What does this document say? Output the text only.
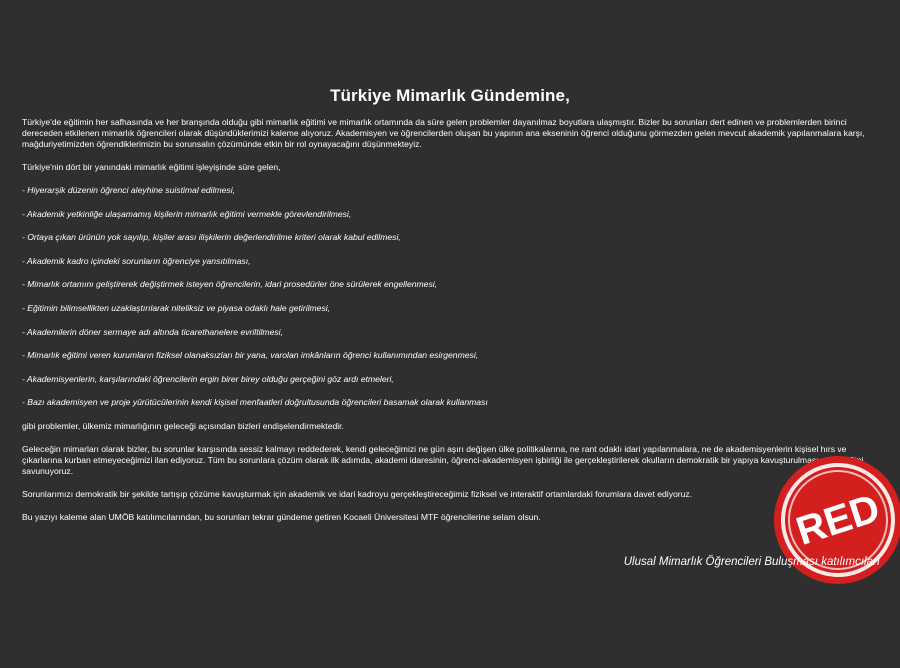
Türkiye Mimarlık Gündemine,

Türkiye'de eğitimin her safhasında ve her branşında olduğu gibi mimarlık eğitimi ve mimarlık ortamında da süre gelen problemler dayanılmaz boyutlara ulaşmıştır. Bizler bu sorunları dert edinen ve problemlerden birinci dereceden etkilenen mimarlık öğrencileri olarak düşündüklerimizi kaleme alıyoruz. Akademisyen ve öğrencilerden oluşan bu yapının ana ekseninin öğrenci olduğunu görmezden gelen mevcut akademik yapılanmalara karşı, mağduriyetimizden öğrendiklerimizin bu sorunsalın çözümünde etkin bir rol oynayacağını düşünmekteyiz.

Türkiye'nin dört bir yanındaki mimarlık eğitimi işleyişinde süre gelen,

- Hiyerarşik düzenin öğrenci aleyhine suistimal edilmesi,

- Akademik yetkinliğe ulaşamamış kişilerin mimarlık eğitimi vermekle görevlendirilmesi,

- Ortaya çıkan ürünün yok sayılıp, kişiler arası ilişkilerin değerlendirilme kriteri olarak kabul edilmesi,

- Akademik kadro içindeki sorunların öğrenciye yansıtılması,

- Mimarlık ortamını geliştirerek değiştirmek isteyen öğrencilerin, idari prosedürler öne sürülerek engellenmesi,

- Eğitimin bilimsellikten uzaklaştırılarak niteliksiz ve piyasa odaklı hale getirilmesi,

- Akademilerin döner sermaye adı altında ticarethanelere evriltilmesi,

- Mimarlık eğitimi veren kurumların fiziksel olanaksızları bir yana, varolan imkânların öğrenci kullanımından esirgenmesi,

- Akademisyenlerin, karşılarındaki öğrencilerin ergin birer birey olduğu gerçeğini göz ardı etmeleri,

- Bazı akademisyen ve proje yürütücülerinin kendi kişisel menfaatleri doğrultusunda öğrencileri basamak olarak kullanması

gibi problemler, ülkemiz mimarlığının geleceği açısından bizleri endişelendirmektedir.

Geleceğin mimarları olarak bizler, bu sorunlar karşısında sessiz kalmayı reddederek, kendi geleceğimizi ne gün aşırı değişen ülke politikalarına, ne rant odaklı idari yapılanmalara, ne de akademisyenlerin kişisel hırs ve çıkarlarına kurban etmeyeceğimizi ilan ediyoruz. Tüm bu sorunlara çözüm olarak ilk adımda, akademi idaresinin, öğrenci-akademisyen işbirliği ile gerçekleştirilerek okulların demokratik bir yapıya kavuşturulması gerekliliğini savunuyoruz.

Sorunlarımızı demokratik bir şekilde tartışıp çözüme kavuşturmak için akademik ve idari kadroyu gerçekleştireceğimiz fiziksel ve interaktif ortamlardaki forumlara davet ediyoruz.

Bu yazıyı kaleme alan UMÖB katılımcılarından, bu sorunları tekrar gündeme getiren Kocaeli Üniversitesi MTF öğrencilerine selam olsun.	RED
Ulusal Mimarlık Öğrencileri Buluşması katılımcıları
